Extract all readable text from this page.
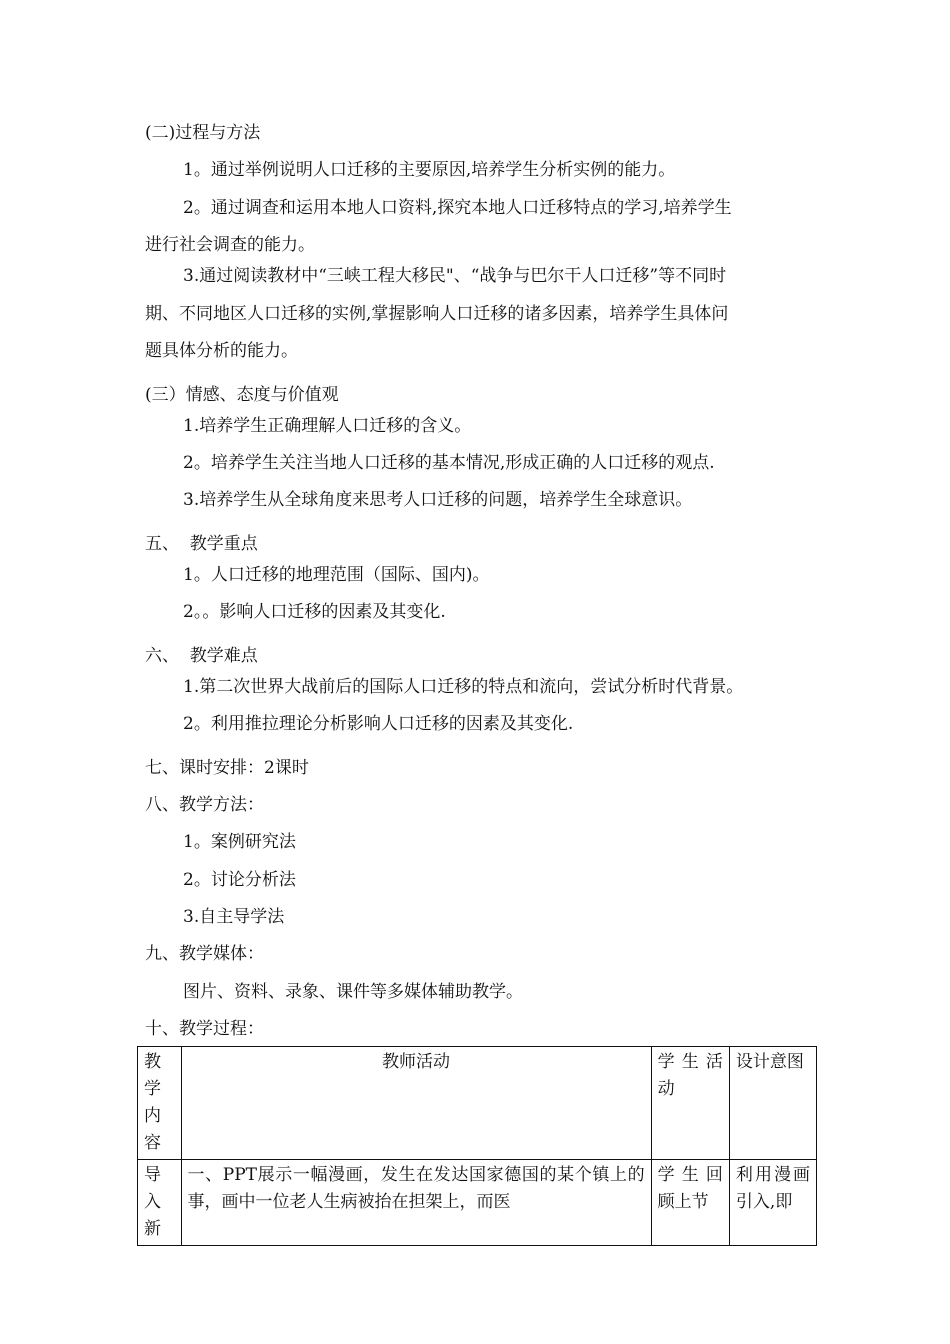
(二)过程与方法
1。通过举例说明人口迁移的主要原因,培养学生分析实例的能力。
2。通过调查和运用本地人口资料,探究本地人口迁移特点的学习,培养学生
进行社会调查的能力。
3.通过阅读教材中“三峡工程大移民"、“战争与巴尔干人口迁移”等不同时
期、不同地区人口迁移的实例,掌握影响人口迁移的诸多因素，培养学生具体问
题具体分析的能力。
(三）情感、态度与价值观
1.培养学生正确理解人口迁移的含义。
2。培养学生关注当地人口迁移的基本情况,形成正确的人口迁移的观点.
3.培养学生从全球角度来思考人口迁移的问题，培养学生全球意识。
五、  教学重点
1。人口迁移的地理范围（国际、国内)。
2。。影响人口迁移的因素及其变化.
六、  教学难点
1.第二次世界大战前后的国际人口迁移的特点和流向，尝试分析时代背景。
2。利用推拉理论分析影响人口迁移的因素及其变化.
七、课时安排：2课时
八、教学方法：
1。案例研究法
2。讨论分析法
3.自主导学法
九、教学媒体：
图片、资料、录象、课件等多媒体辅助教学。
十、教学过程：
教学内容	教师活动	学生活动	设计意图

导入新	一、PPT展示一幅漫画，发生在发达国家德国的某个镇上的事，画中一位老人生病被抬在担架上，而医	学生回顾上节	利用漫画引入,即
